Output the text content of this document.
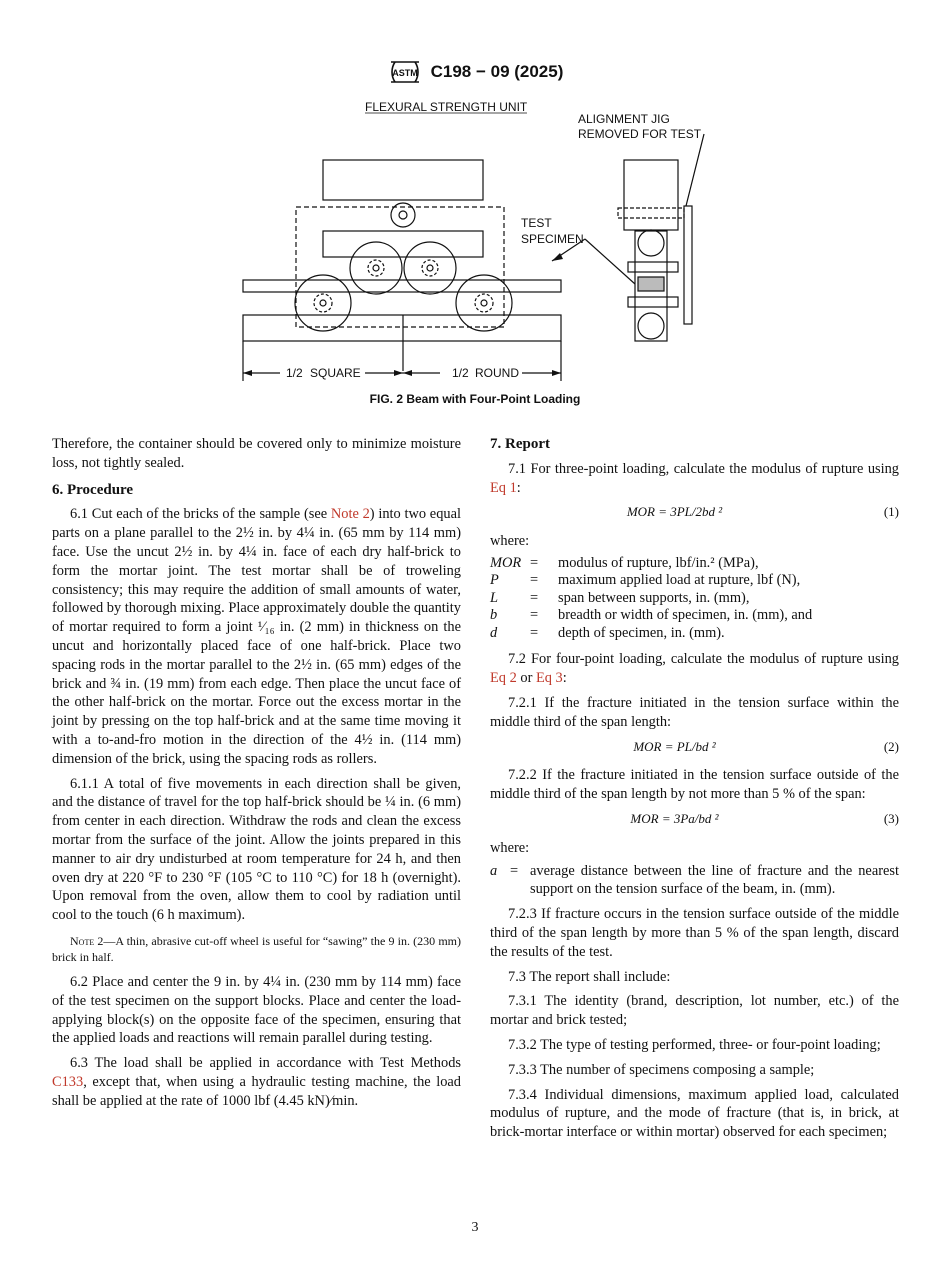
ASTM C198 − 09 (2025)
FLEXURAL STRENGTH UNIT
ALIGNMENT JIG
REMOVED FOR TEST
TEST
SPECIMEN
1/2 SQUARE	1/2 ROUND
FIG. 2 Beam with Four-Point Loading

Therefore, the container should be covered only to minimize moisture loss, not tightly sealed.

6. Procedure

6.1 Cut each of the bricks of the sample (see Note 2) into two equal parts on a plane parallel to the 2½ in. by 4¼ in. (65 mm by 114 mm) face. Use the uncut 2½ in. by 4¼ in. face of each dry half-brick to form the mortar joint. The test mortar shall be of troweling consistency; this may require the addition of small amounts of water, followed by thorough mixing. Place approximately double the quantity of mortar required to form a joint ¹⁄₁₆ in. (2 mm) in thickness on the uncut and horizontally placed face of one half-brick. Place two spacing rods in the mortar parallel to the 2½ in. (65 mm) edges of the brick and ¾ in. (19 mm) from each edge. Then place the uncut face of the other half-brick on the mortar. Force out the excess mortar in the joint by pressing on the top half-brick and at the same time moving it with a to-and-fro motion in the direction of the 4½ in. (114 mm) dimension of the brick, using the spacing rods as rollers.

6.1.1 A total of five movements in each direction shall be given, and the distance of travel for the top half-brick should be ¼ in. (6 mm) from center in each direction. Withdraw the rods and clean the excess mortar from the surface of the joint. Allow the joints prepared in this manner to air dry undisturbed at room temperature for 24 h, and then oven dry at 220 °F to 230 °F (105 °C to 110 °C) for 18 h (overnight). Upon removal from the oven, allow them to cool by radiation until cool to the touch (6 h maximum).

Note 2—A thin, abrasive cut-off wheel is useful for “sawing” the 9 in. (230 mm) brick in half.

6.2 Place and center the 9 in. by 4¼ in. (230 mm by 114 mm) face of the test specimen on the support blocks. Place and center the load-applying block(s) on the opposite face of the specimen, ensuring that the applied loads and reactions will remain parallel during testing.

6.3 The load shall be applied in accordance with Test Methods C133, except that, when using a hydraulic testing machine, the load shall be applied at the rate of 1000 lbf (4.45 kN)⁄min.

7. Report

7.1 For three-point loading, calculate the modulus of rupture using Eq 1:

MOR = 3PL/2bd ²	(1)
where:
MOR =	modulus of rupture, lbf/in.² (MPa),
P	=	maximum applied load at rupture, lbf (N),
L	=	span between supports, in. (mm),
b	=	breadth or width of specimen, in. (mm), and
d	=	depth of specimen, in. (mm).

7.2 For four-point loading, calculate the modulus of rupture using Eq 2 or Eq 3:

7.2.1 If the fracture initiated in the tension surface within the middle third of the span length:

MOR = PL/bd ²	(2)

7.2.2 If the fracture initiated in the tension surface outside of the middle third of the span length by not more than 5 % of the span:

MOR = 3Pa/bd ²	(3)
where:
a = average distance between the line of fracture and the nearest support on the tension surface of the beam, in. (mm).

7.2.3 If fracture occurs in the tension surface outside of the middle third of the span length by more than 5 % of the span length, discard the results of the test.

7.3 The report shall include:

7.3.1 The identity (brand, description, lot number, etc.) of the mortar and brick tested;

7.3.2 The type of testing performed, three- or four-point loading;

7.3.3 The number of specimens composing a sample;

7.3.4 Individual dimensions, maximum applied load, calculated modulus of rupture, and the mode of fracture (that is, in brick, at brick-mortar interface or within mortar) observed for each specimen;

3
